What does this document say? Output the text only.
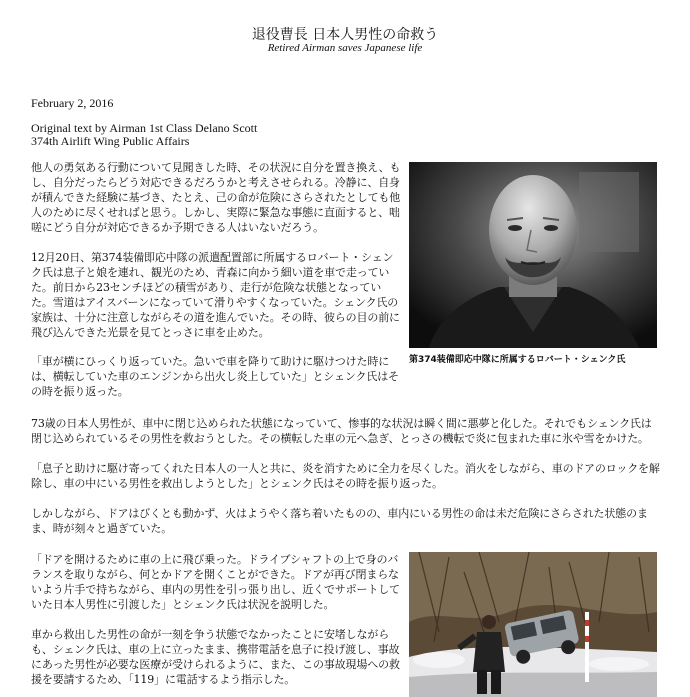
退役曹長 日本人男性の命救う
Retired Airman saves Japanese life
February 2, 2016
Original text by Airman 1st Class Delano Scott
374th Airlift Wing Public Affairs

他人の勇気ある行動について見聞きした時、その状況に自分を置き換え、もし、自分だったらどう対応できるだろうかと考えさせられる。冷静に、自身が積んできた経験に基づき、たとえ、己の命が危険にさらされたとしても他人のために尽くせればと思う。しかし、実際に緊急な事態に直面すると、咄嗟にどう自分が対応できるか予期できる人はいないだろう。

12月20日、第374装備即応中隊の派遣配置部に所属するロバート・シェンク氏は息子と娘を連れ、観光のため、青森に向かう細い道を車で走っていた。前日から23センチほどの積雪があり、走行が危険な状態となっていた。雪道はアイスバーンになっていて滑りやすくなっていた。シェンク氏の家族は、十分に注意しながらその道を進んでいた。その時、彼らの目の前に飛び込んできた光景を見てとっさに車を止めた。

「車が横にひっくり返っていた。急いで車を降りて助けに駆けつけた時には、横転していた車のエンジンから出火し炎上していた」とシェンク氏はその時を振り返った。

73歳の日本人男性が、車中に閉じ込められた状態になっていて、惨事的な状況は瞬く間に悪夢と化した。それでもシェンク氏は閉じ込められているその男性を救おうとした。その横転した車の元へ急ぎ、とっさの機転で炎に包まれた車に氷や雪をかけた。

「息子と助けに駆け寄ってくれた日本人の一人と共に、炎を消すために全力を尽くした。消火をしながら、車のドアのロックを解除し、車の中にいる男性を救出しようとした」とシェンク氏はその時を振り返った。

しかしながら、ドアはびくとも動かず、火はようやく落ち着いたものの、車内にいる男性の命は未だ危険にさらされた状態のまま、時が刻々と過ぎていた。

「ドアを開けるために車の上に飛び乗った。ドライブシャフトの上で身のバランスを取りながら、何とかドアを開くことができた。ドアが再び閉まらないよう片手で持ちながら、車内の男性を引っ張り出し、近くでサポートしていた日本人男性に引渡した」とシェンク氏は状況を説明した。

車から救出した男性の命が一刻を争う状態でなかったことに安堵しながらも、シェンク氏は、車の上に立ったまま、携帯電話を息子に投げ渡し、事故にあった男性が必要な医療が受けられるように、また、この事故現場への救援を要請するため、「119」に電話するよう指示した。

第374装備即応中隊に所属するロバート・シェンク氏
